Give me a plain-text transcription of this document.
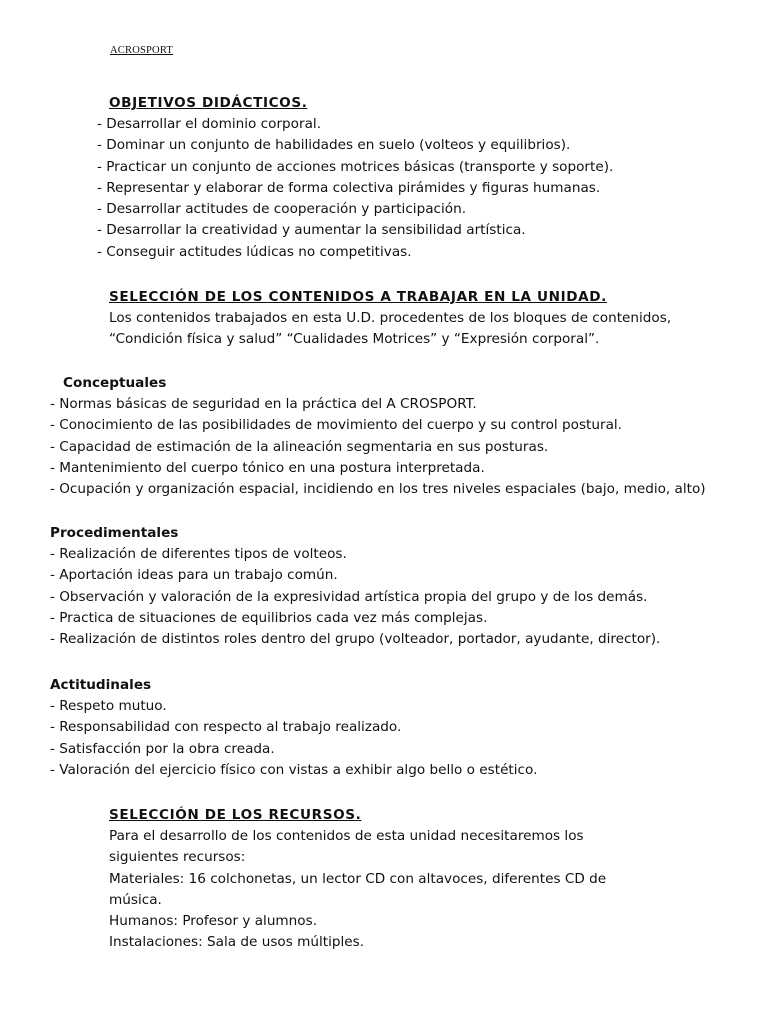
ACROSPORT
OBJETIVOS DIDÁCTICOS.
- Desarrollar el dominio corporal.
- Dominar un conjunto de habilidades en suelo (volteos y equilibrios).
- Practicar un conjunto de acciones motrices básicas (transporte y soporte).
- Representar y elaborar de forma colectiva pirámides y figuras humanas.
- Desarrollar actitudes de cooperación y participación.
- Desarrollar la creatividad y aumentar la sensibilidad artística.
- Conseguir actitudes lúdicas no competitivas.
SELECCIÓN DE LOS CONTENIDOS A TRABAJAR EN LA UNIDAD.
Los contenidos trabajados en esta U.D. procedentes de los bloques de contenidos,
“Condición física y salud” “Cualidades Motrices” y “Expresión corporal”.
Conceptuales
- Normas básicas de seguridad en la práctica del A CROSPORT.
- Conocimiento de las posibilidades de movimiento del cuerpo y su control postural.
- Capacidad de estimación de la alineación segmentaria en sus posturas.
- Mantenimiento del cuerpo tónico en una postura interpretada.
- Ocupación y organización espacial, incidiendo en los tres niveles espaciales (bajo, medio, alto)
Procedimentales
- Realización de diferentes tipos de volteos.
- Aportación ideas para un trabajo común.
- Observación y valoración de la expresividad artística propia del grupo y de los demás.
- Practica de situaciones de equilibrios cada vez más complejas.
- Realización de distintos roles dentro del grupo (volteador, portador, ayudante, director).
Actitudinales
- Respeto mutuo.
- Responsabilidad con respecto al trabajo realizado.
- Satisfacción por la obra creada.
- Valoración del ejercicio físico con vistas a exhibir algo bello o estético.
SELECCIÓN DE LOS RECURSOS.
Para el desarrollo de los contenidos de esta unidad necesitaremos los
siguientes recursos:
Materiales: 16 colchonetas, un lector CD con altavoces, diferentes CD de
música.
Humanos: Profesor y alumnos.
Instalaciones: Sala de usos múltiples.
